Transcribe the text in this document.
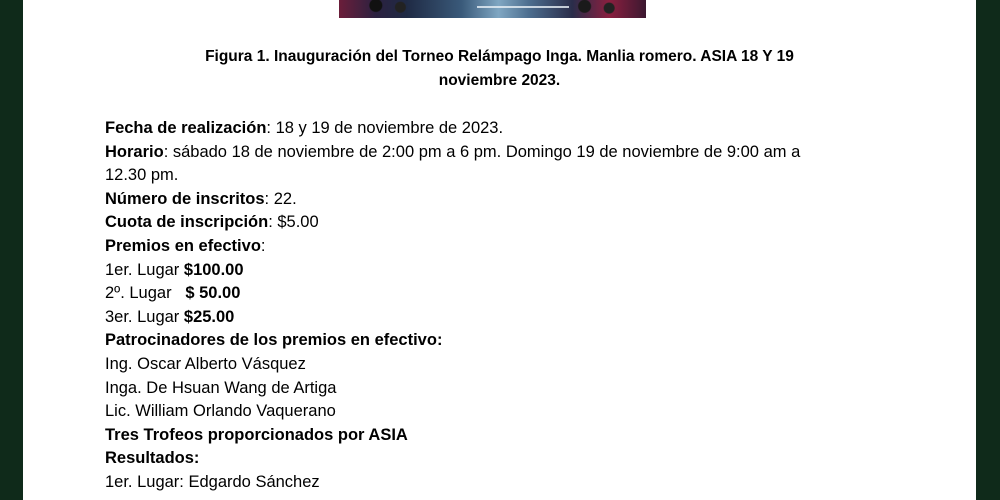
Figura 1. Inauguración del Torneo Relámpago Inga. Manlia romero. ASIA 18 Y 19
noviembre 2023.

Fecha de realización: 18 y 19 de noviembre de 2023.

Horario: sábado 18 de noviembre de 2:00 pm a 6 pm. Domingo 19 de noviembre de 9:00 am a

12.30 pm.

Número de inscritos: 22.

Cuota de inscripción: $5.00

Premios en efectivo:

1er. Lugar $100.00

2º. Lugar   $ 50.00

3er. Lugar $25.00

Patrocinadores de los premios en efectivo:

Ing. Oscar Alberto Vásquez

Inga. De Hsuan Wang de Artiga

Lic. William Orlando Vaquerano

Tres Trofeos proporcionados por ASIA

Resultados:

1er. Lugar: Edgardo Sánchez
